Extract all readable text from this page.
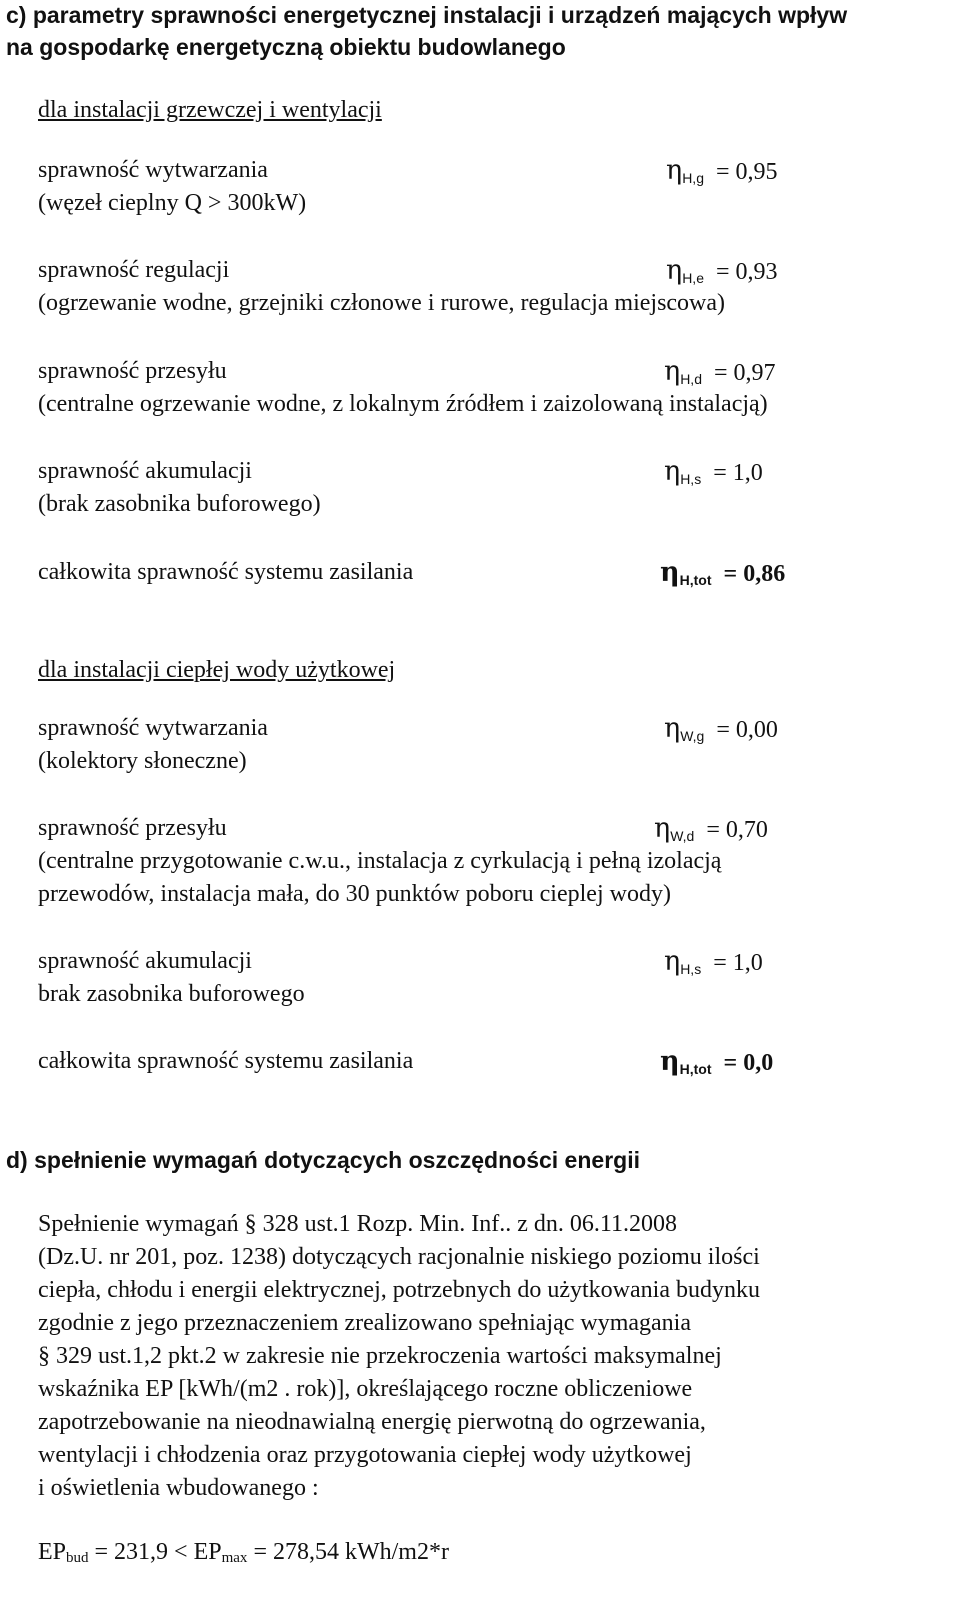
c) parametry sprawności energetycznej instalacji i urządzeń mających wpływ
na gospodarkę energetyczną obiektu budowlanego
dla instalacji grzewczej i wentylacji
sprawność wytwarzania
(węzeł cieplny Q > 300kW)
$\eta_{H,g} = 0,95$
sprawność regulacji
(ogrzewanie wodne, grzejniki członowe i rurowe, regulacja miejscowa)
$\eta_{H,e} = 0,93$
sprawność przesyłu
(centralne ogrzewanie wodne, z lokalnym źródłem i zaizolowaną instalacją)
$\eta_{H,d} = 0,97$
sprawność akumulacji
(brak zasobnika buforowego)
$\eta_{H,s} = 1,0$
całkowita sprawność systemu zasilania	$\eta_{H,tot} = 0,86$
dla instalacji ciepłej wody użytkowej
sprawność wytwarzania
(kolektory słoneczne)
$\eta_{W,g} = 0,00$
sprawność przesyłu
(centralne przygotowanie c.w.u., instalacja z cyrkulacją i pełną izolacją
przewodów, instalacja mała, do 30 punktów poboru cieplej wody)
$\eta_{W,d} = 0,70$
sprawność akumulacji
brak zasobnika buforowego
$\eta_{H,s} = 1,0$
całkowita sprawność systemu zasilania	$\eta_{H,tot} = 0,0$
d) spełnienie wymagań dotyczących oszczędności energii
Spełnienie wymagań § 328 ust.1 Rozp. Min. Inf.. z dn. 06.11.2008
(Dz.U. nr 201, poz. 1238) dotyczących racjonalnie niskiego poziomu ilości
ciepła, chłodu i energii elektrycznej, potrzebnych do użytkowania budynku
zgodnie z jego przeznaczeniem zrealizowano spełniając wymagania
§ 329 ust.1,2 pkt.2 w zakresie nie przekroczenia wartości maksymalnej
wskaźnika EP [kWh/(m2 . rok)], określającego roczne obliczeniowe
zapotrzebowanie na nieodnawialną energię pierwotną do ogrzewania,
wentylacji i chłodzenia oraz przygotowania ciepłej wody użytkowej
i oświetlenia wbudowanego :
EPbud = 231,9 < EPmax = 278,54 kWh/m2*r
